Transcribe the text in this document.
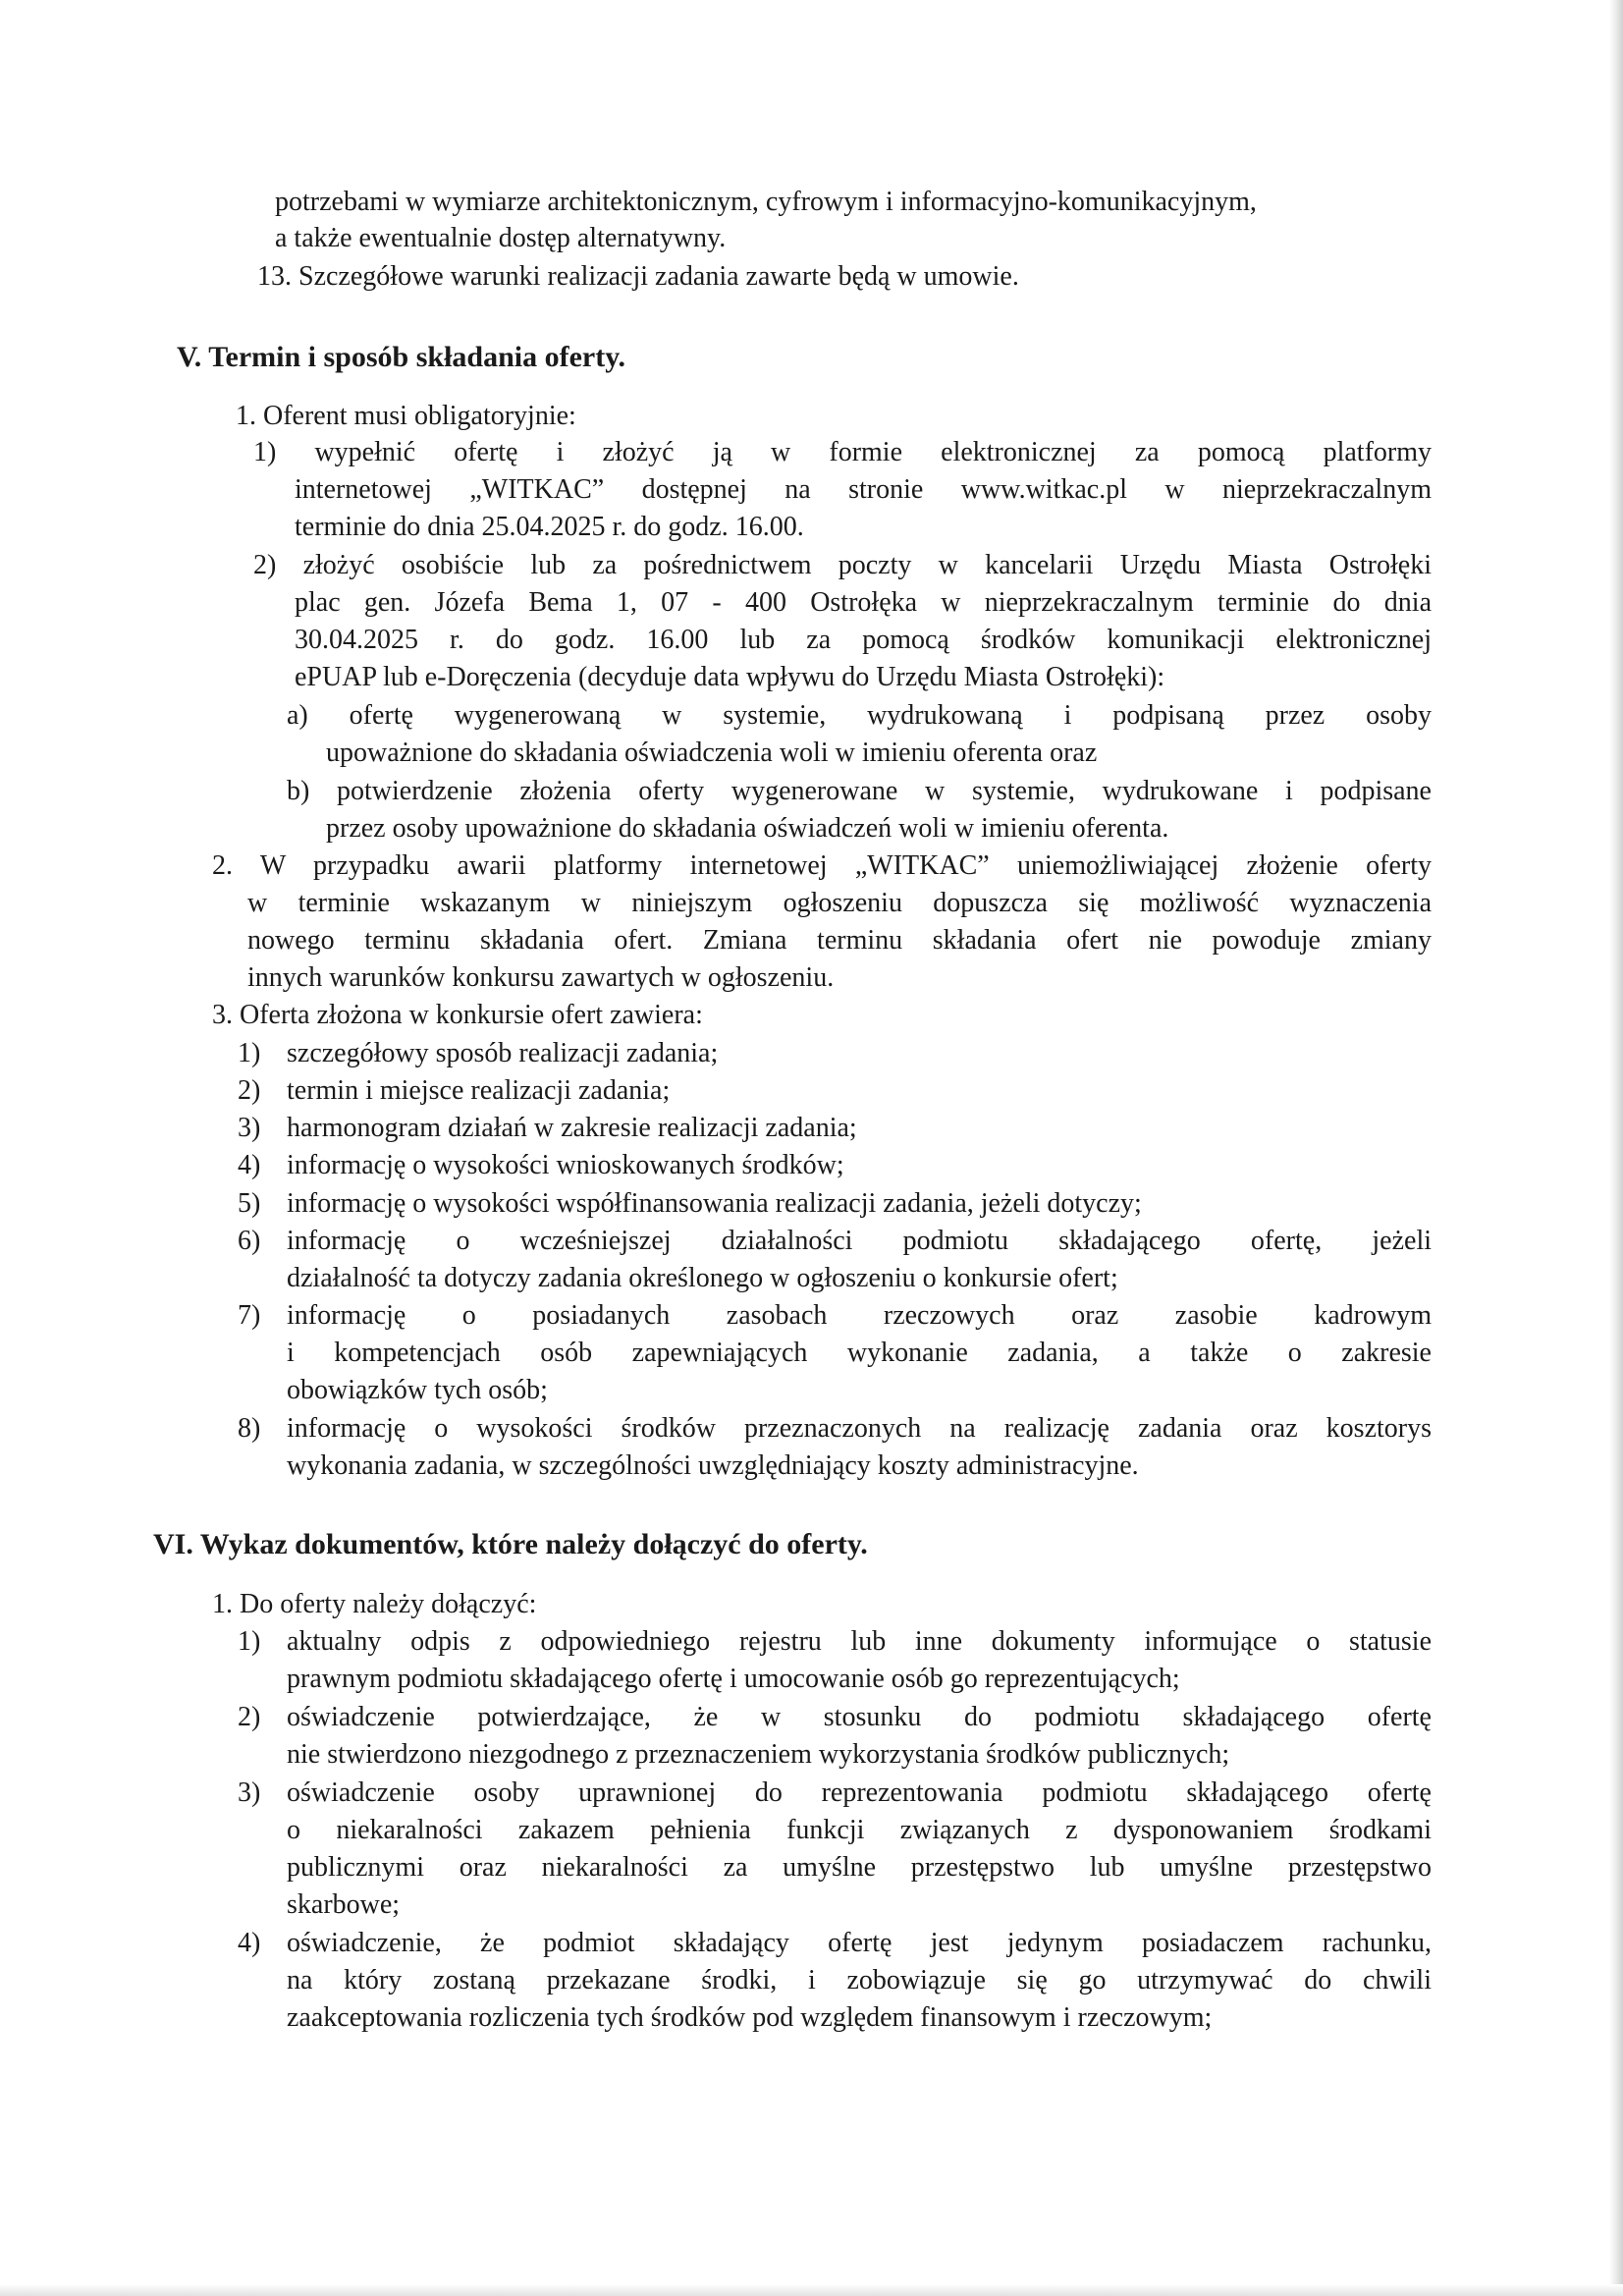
potrzebami w wymiarze architektonicznym, cyfrowym i informacyjno-komunikacyjnym,
a także ewentualnie dostęp alternatywny.
13. Szczegółowe warunki realizacji zadania zawarte będą w umowie.
V. Termin i sposób składania oferty.
1. Oferent musi obligatoryjnie:
1) wypełnić ofertę i złożyć ją w formie elektronicznej za pomocą platformy
internetowej „WITKAC” dostępnej na stronie www.witkac.pl w nieprzekraczalnym
terminie do dnia 25.04.2025 r. do godz. 16.00.
2) złożyć osobiście lub za pośrednictwem poczty w kancelarii Urzędu Miasta Ostrołęki
plac gen. Józefa Bema 1, 07 - 400 Ostrołęka w nieprzekraczalnym terminie do dnia
30.04.2025 r. do godz. 16.00 lub za pomocą środków komunikacji elektronicznej
ePUAP lub e-Doręczenia (decyduje data wpływu do Urzędu Miasta Ostrołęki):
a) ofertę wygenerowaną w systemie, wydrukowaną i podpisaną przez osoby
upoważnione do składania oświadczenia woli w imieniu oferenta oraz
b) potwierdzenie złożenia oferty wygenerowane w systemie, wydrukowane i podpisane
przez osoby upoważnione do składania oświadczeń woli w imieniu oferenta.
2. W przypadku awarii platformy internetowej „WITKAC” uniemożliwiającej złożenie oferty
w terminie wskazanym w niniejszym ogłoszeniu dopuszcza się możliwość wyznaczenia
nowego terminu składania ofert. Zmiana terminu składania ofert nie powoduje zmiany
innych warunków konkursu zawartych w ogłoszeniu.
3. Oferta złożona w konkursie ofert zawiera:
1) szczegółowy sposób realizacji zadania;
2) termin i miejsce realizacji zadania;
3) harmonogram działań w zakresie realizacji zadania;
4) informację o wysokości wnioskowanych środków;
5) informację o wysokości współfinansowania realizacji zadania, jeżeli dotyczy;
6) informację o wcześniejszej działalności podmiotu składającego ofertę, jeżeli
działalność ta dotyczy zadania określonego w ogłoszeniu o konkursie ofert;
7) informację o posiadanych zasobach rzeczowych oraz zasobie kadrowym
i kompetencjach osób zapewniających wykonanie zadania, a także o zakresie
obowiązków tych osób;
8) informację o wysokości środków przeznaczonych na realizację zadania oraz kosztorys
wykonania zadania, w szczególności uwzględniający koszty administracyjne.
VI. Wykaz dokumentów, które należy dołączyć do oferty.
1. Do oferty należy dołączyć:
1) aktualny odpis z odpowiedniego rejestru lub inne dokumenty informujące o statusie
prawnym podmiotu składającego ofertę i umocowanie osób go reprezentujących;
2) oświadczenie potwierdzające, że w stosunku do podmiotu składającego ofertę
nie stwierdzono niezgodnego z przeznaczeniem wykorzystania środków publicznych;
3) oświadczenie osoby uprawnionej do reprezentowania podmiotu składającego ofertę
o niekaralności zakazem pełnienia funkcji związanych z dysponowaniem środkami
publicznymi oraz niekaralności za umyślne przestępstwo lub umyślne przestępstwo
skarbowe;
4) oświadczenie, że podmiot składający ofertę jest jedynym posiadaczem rachunku,
na który zostaną przekazane środki, i zobowiązuje się go utrzymywać do chwili
zaakceptowania rozliczenia tych środków pod względem finansowym i rzeczowym;
